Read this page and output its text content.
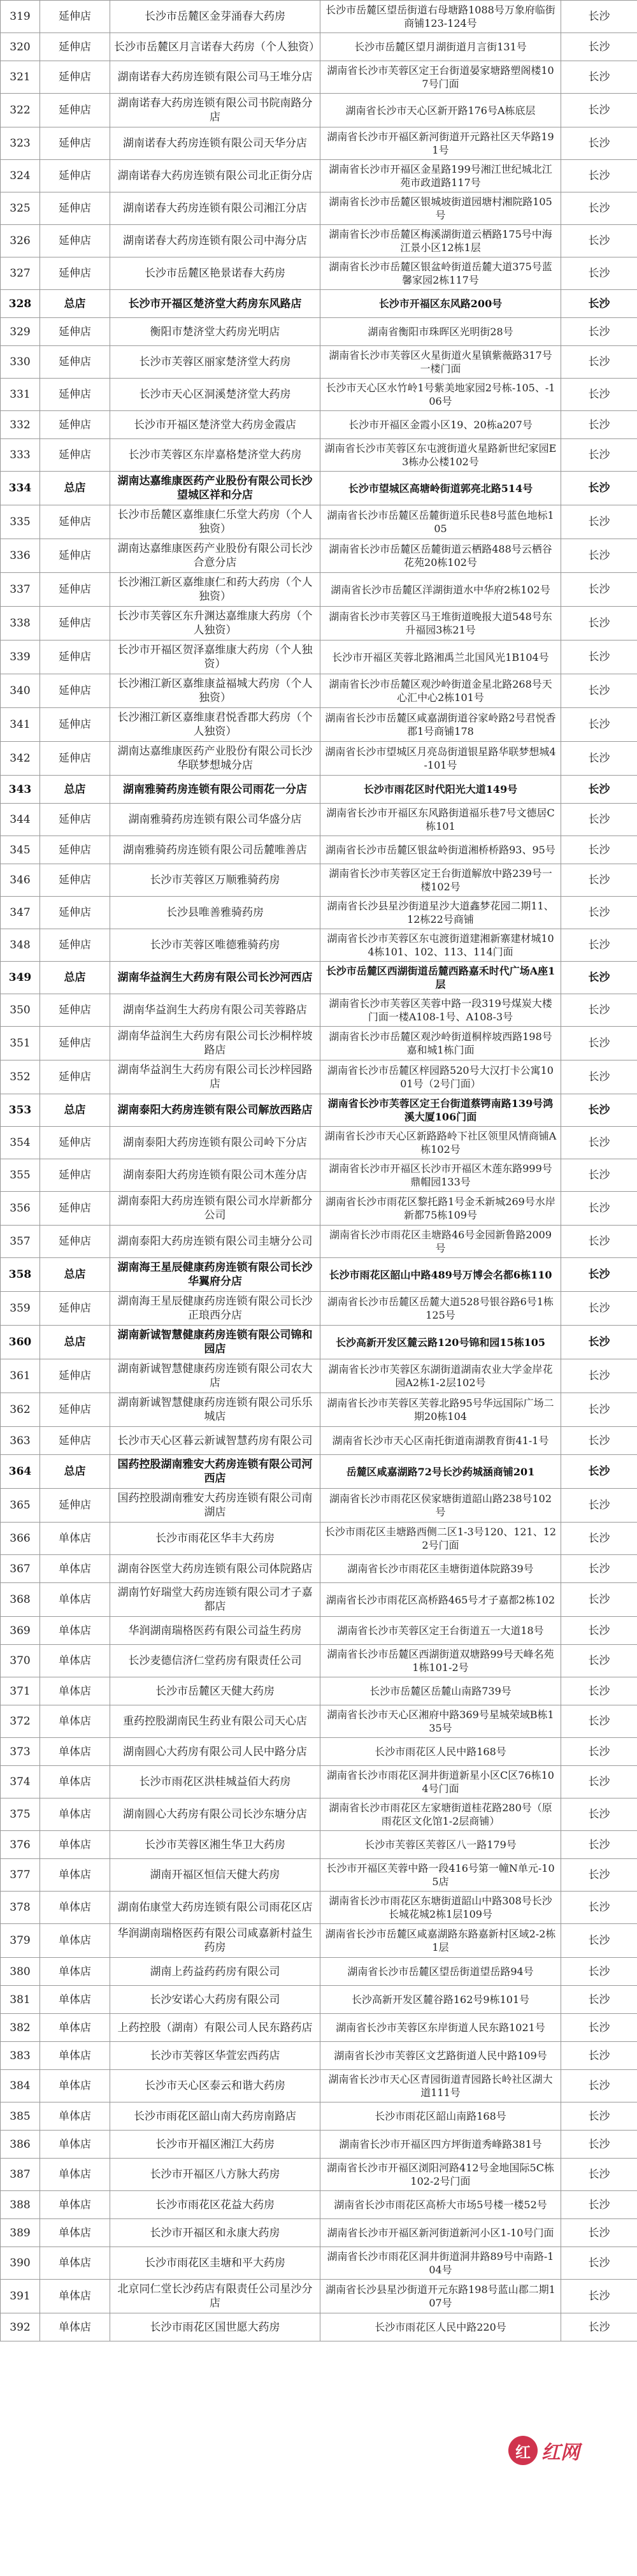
319	延伸店	长沙市岳麓区金芽涌春大药房	长沙市岳麓区望岳街道右母塘路1088号万象府临街商铺123-124号	长沙
320	延伸店	长沙市岳麓区月言诺春大药房（个人独资）	长沙市岳麓区望月湖街道月言街131号	长沙
321	延伸店	湖南诺春大药房连锁有限公司马王堆分店	湖南省长沙市芙蓉区定王台街道晏家塘路塑阁楼107号门面	长沙
322	延伸店	湖南诺春大药房连锁有限公司书院南路分店	湖南省长沙市天心区新开路176号A栋底层	长沙
323	延伸店	湖南诺春大药房连锁有限公司天华分店	湖南省长沙市开福区新河街道开元路社区天华路191号	长沙
324	延伸店	湖南诺春大药房连锁有限公司北正街分店	湖南省长沙市开福区金星路199号湘江世纪城北江苑市政道路117号	长沙
325	延伸店	湖南诺春大药房连锁有限公司湘江分店	湖南省长沙市岳麓区银城坡街道园塘村湘院路105号	长沙
326	延伸店	湖南诺春大药房连锁有限公司中海分店	湖南省长沙市岳麓区梅溪湖街道云栖路175号中海江景小区12栋1层	长沙
327	延伸店	长沙市岳麓区艳景诺春大药房	湖南省长沙市岳麓区银盆岭街道岳麓大道375号蓝馨家园2栋117号	长沙
328	总店	长沙市开福区楚济堂大药房东风路店	长沙市开福区东风路200号	长沙
329	延伸店	衡阳市楚济堂大药房光明店	湖南省衡阳市珠晖区光明街28号	长沙
330	延伸店	长沙市芙蓉区丽家楚济堂大药房	湖南省长沙市芙蓉区火星街道火星镇紫薇路317号一楼门面	长沙
331	延伸店	长沙市天心区洞溪楚济堂大药房	长沙市天心区水竹岭1号紫美地家园2号栋-105、-106号	长沙
332	延伸店	长沙市开福区楚济堂大药房金霞店	长沙市开福区金霞小区19、20栋a207号	长沙
333	延伸店	长沙市芙蓉区东岸嘉格楚济堂大药房	湖南省长沙市芙蓉区东屯渡街道火星路新世纪家园E3栋办公楼102号	长沙
334	总店	湖南达嘉维康医药产业股份有限公司长沙望城区祥和分店	长沙市望城区高塘岭街道郭亮北路514号	长沙
335	延伸店	长沙市岳麓区嘉维康仁乐堂大药房（个人独资）	湖南省长沙市岳麓区岳麓街道乐民巷8号蓝色地标105	长沙
336	延伸店	湖南达嘉维康医药产业股份有限公司长沙合意分店	湖南省长沙市岳麓区岳麓街道云栖路488号云栖谷花苑20栋102号	长沙
337	延伸店	长沙湘江新区嘉维康仁和药大药房（个人独资）	湖南省长沙市岳麓区洋湖街道水中华府2栋102号	长沙
338	延伸店	长沙市芙蓉区东升渊达嘉维康大药房（个人独资）	湖南省长沙市芙蓉区马王堆街道晚报大道548号东升福园3栋21号	长沙
339	延伸店	长沙市开福区贺泽嘉维康大药房（个人独资）	长沙市开福区芙蓉北路湘禹兰北国风光1B104号	长沙
340	延伸店	长沙湘江新区嘉维康益福城大药房（个人独资）	湖南省长沙市岳麓区观沙岭街道金星北路268号天心汇中心2栋101号	长沙
341	延伸店	长沙湘江新区嘉维康君悦香郡大药房（个人独资）	湖南省长沙市岳麓区咸嘉湖街道谷家岭路2号君悦香郡1号商铺178	长沙
342	延伸店	湖南达嘉维康医药产业股份有限公司长沙华联梦想城分店	湖南省长沙市望城区月亮岛街道银星路华联梦想城4-101号	长沙
343	总店	湖南雅骑药房连锁有限公司雨花一分店	长沙市雨花区时代阳光大道149号	长沙
344	延伸店	湖南雅骑药房连锁有限公司华盛分店	湖南省长沙市开福区东风路街道福乐巷7号文德居C栋101	长沙
345	延伸店	湖南雅骑药房连锁有限公司岳麓唯善店	湖南省长沙市岳麓区银盆岭街道湘桥桥路93、95号	长沙
346	延伸店	长沙市芙蓉区万顺雅骑药房	湖南省长沙市芙蓉区定王台街道解放中路239号一楼102号	长沙
347	延伸店	长沙县唯善雅骑药房	湖南省长沙县星沙街道星沙大道鑫梦花园二期11、12栋22号商铺	长沙
348	延伸店	长沙市芙蓉区唯德雅骑药房	湖南省长沙市芙蓉区东屯渡街道建湘新寨建材城104栋101、102、113、114门面	长沙
349	总店	湖南华益润生大药房有限公司长沙河西店	长沙市岳麓区西湖街道岳麓西路嘉禾时代广场A座1层	长沙
350	延伸店	湖南华益润生大药房有限公司芙蓉路店	湖南省长沙市芙蓉区芙蓉中路一段319号煤炭大楼门面一楼A108-1号、A108-3号	长沙
351	延伸店	湖南华益润生大药房有限公司长沙桐梓坡路店	湖南省长沙市岳麓区观沙岭街道桐梓坡西路198号嘉和城1栋门面	长沙
352	延伸店	湖南华益润生大药房有限公司长沙梓园路店	湖南省长沙市岳麓区梓园路520号大汉打卡公寓1001号（2号门面）	长沙
353	总店	湖南泰阳大药房连锁有限公司解放西路店	湖南省长沙市芙蓉区定王台街道蔡锷南路139号鸿溪大厦106门面	长沙
354	延伸店	湖南泰阳大药房连锁有限公司岭下分店	湖南省长沙市天心区新路路岭下社区领里风情商铺A栋102号	长沙
355	延伸店	湖南泰阳大药房连锁有限公司木莲分店	湖南省长沙市开福区长沙市开福区木莲东路999号鼎帽园133号	长沙
356	延伸店	湖南泰阳大药房连锁有限公司水岸新都分公司	湖南省长沙市雨花区黎托路1号金禾新城269号水岸新都75栋109号	长沙
357	延伸店	湖南泰阳大药房连锁有限公司圭塘分公司	湖南省长沙市雨花区圭塘路46号金园新鲁路2009号	长沙
358	总店	湖南海王星辰健康药房连锁有限公司长沙华翼府分店	长沙市雨花区韶山中路489号万博会名都6栋110	长沙
359	延伸店	湖南海王星辰健康药房连锁有限公司长沙正琅西分店	湖南省长沙市岳麓区岳麓大道528号银谷路6号1栋125号	长沙
360	总店	湖南新诚智慧健康药房连锁有限公司锦和园店	长沙高新开发区麓云路120号锦和园15栋105	长沙
361	延伸店	湖南新诚智慧健康药房连锁有限公司农大店	湖南省长沙市芙蓉区东湖街道湖南农业大学金岸花园A2栋1-2层102号	长沙
362	延伸店	湖南新诚智慧健康药房连锁有限公司乐乐城店	湖南省长沙市芙蓉区芙蓉北路95号华远国际广场二期20栋104	长沙
363	延伸店	长沙市天心区暮云新诚智慧药房有限公司	湖南省长沙市天心区南托街道南湖教育街41-1号	长沙
364	总店	国药控股湖南雅安大药房连锁有限公司河西店	岳麓区咸嘉湖路72号长沙药城涵商铺201	长沙
365	延伸店	国药控股湖南雅安大药房连锁有限公司南湖店	湖南省长沙市雨花区侯家塘街道韶山路238号102号	长沙
366	单体店	长沙市雨花区华丰大药房	长沙市雨花区圭塘路西侧二区1-3号120、121、122号门面	长沙
367	单体店	湖南谷医堂大药房连锁有限公司体院路店	湖南省长沙市雨花区圭塘街道体院路39号	长沙
368	单体店	湖南竹好瑞堂大药房连锁有限公司才子嘉都店	湖南省长沙市雨花区高桥路465号才子嘉都2栋102	长沙
369	单体店	华润湖南瑞格医药有限公司益生药房	湖南省长沙市芙蓉区定王台街道五一大道18号	长沙
370	单体店	长沙麦德信济仁堂药房有限责任公司	湖南省长沙市岳麓区西湖街道双塘路99号天峰名苑1栋101-2号	长沙
371	单体店	长沙市岳麓区天健大药房	长沙市岳麓区岳麓山南路739号	长沙
372	单体店	重药控股湖南民生药业有限公司天心店	湖南省长沙市天心区湘府中路369号星城荣域B栋135号	长沙
373	单体店	湖南圆心大药房有限公司人民中路分店	长沙市雨花区人民中路168号	长沙
374	单体店	长沙市雨花区洪桂城益佰大药房	湖南省长沙市雨花区洞井街道新星小区C区76栋104号门面	长沙
375	单体店	湖南圆心大药房有限公司长沙东塘分店	湖南省长沙市雨花区左家塘街道桂花路280号（原雨花区文化馆1-2层商铺）	长沙
376	单体店	长沙市芙蓉区湘生华卫大药房	长沙市芙蓉区芙蓉区八一路179号	长沙
377	单体店	湖南开福区恒信天健大药房	长沙市开福区芙蓉中路一段416号第一幢N单元-105店	长沙
378	单体店	湖南佑康堂大药房连锁有限公司雨花区店	湖南省长沙市雨花区东塘街道韶山中路308号长沙长城花城2栋1层109号	长沙
379	单体店	华润湖南瑞格医药有限公司咸嘉新村益生药房	湖南省长沙市岳麓区咸嘉湖路东路嘉新村区域2-2栋1层	长沙
380	单体店	湖南上药益药药房有限公司	湖南省长沙市岳麓区望岳街道望岳路94号	长沙
381	单体店	长沙安诺心大药房有限公司	长沙高新开发区麓谷路162号9栋101号	长沙
382	单体店	上药控股（湖南）有限公司人民东路药店	湖南省长沙市芙蓉区东岸街道人民东路1021号	长沙
383	单体店	长沙市芙蓉区华萱宏西药店	湖南省长沙市芙蓉区文艺路街道人民中路109号	长沙
384	单体店	长沙市天心区泰云和谐大药房	湖南省长沙市天心区青园街道青园路长岭社区湖大道111号	长沙
385	单体店	长沙市雨花区韶山南大药房南路店	长沙市雨花区韶山南路168号	长沙
386	单体店	长沙市开福区湘江大药房	湖南省长沙市开福区四方坪街道秀峰路381号	长沙
387	单体店	长沙市开福区八方脉大药房	湖南省长沙市开福区浏阳河路412号金地国际5C栋102-2号门面	长沙
388	单体店	长沙市雨花区花益大药房	湖南省长沙市雨花区高桥大市场5号楼一楼52号	长沙
389	单体店	长沙市开福区和永康大药房	湖南省长沙市开福区新河街道新河小区1-10号门面	长沙
390	单体店	长沙市雨花区圭塘和平大药房	湖南省长沙市雨花区洞井街道洞井路89号中南路-104号	长沙
391	单体店	北京同仁堂长沙药店有限责任公司星沙分店	湖南省长沙县星沙街道开元东路198号蓝山郡二期107号	长沙
392	单体店	长沙市雨花区国世愿大药房	长沙市雨花区人民中路220号	长沙
红 红网
